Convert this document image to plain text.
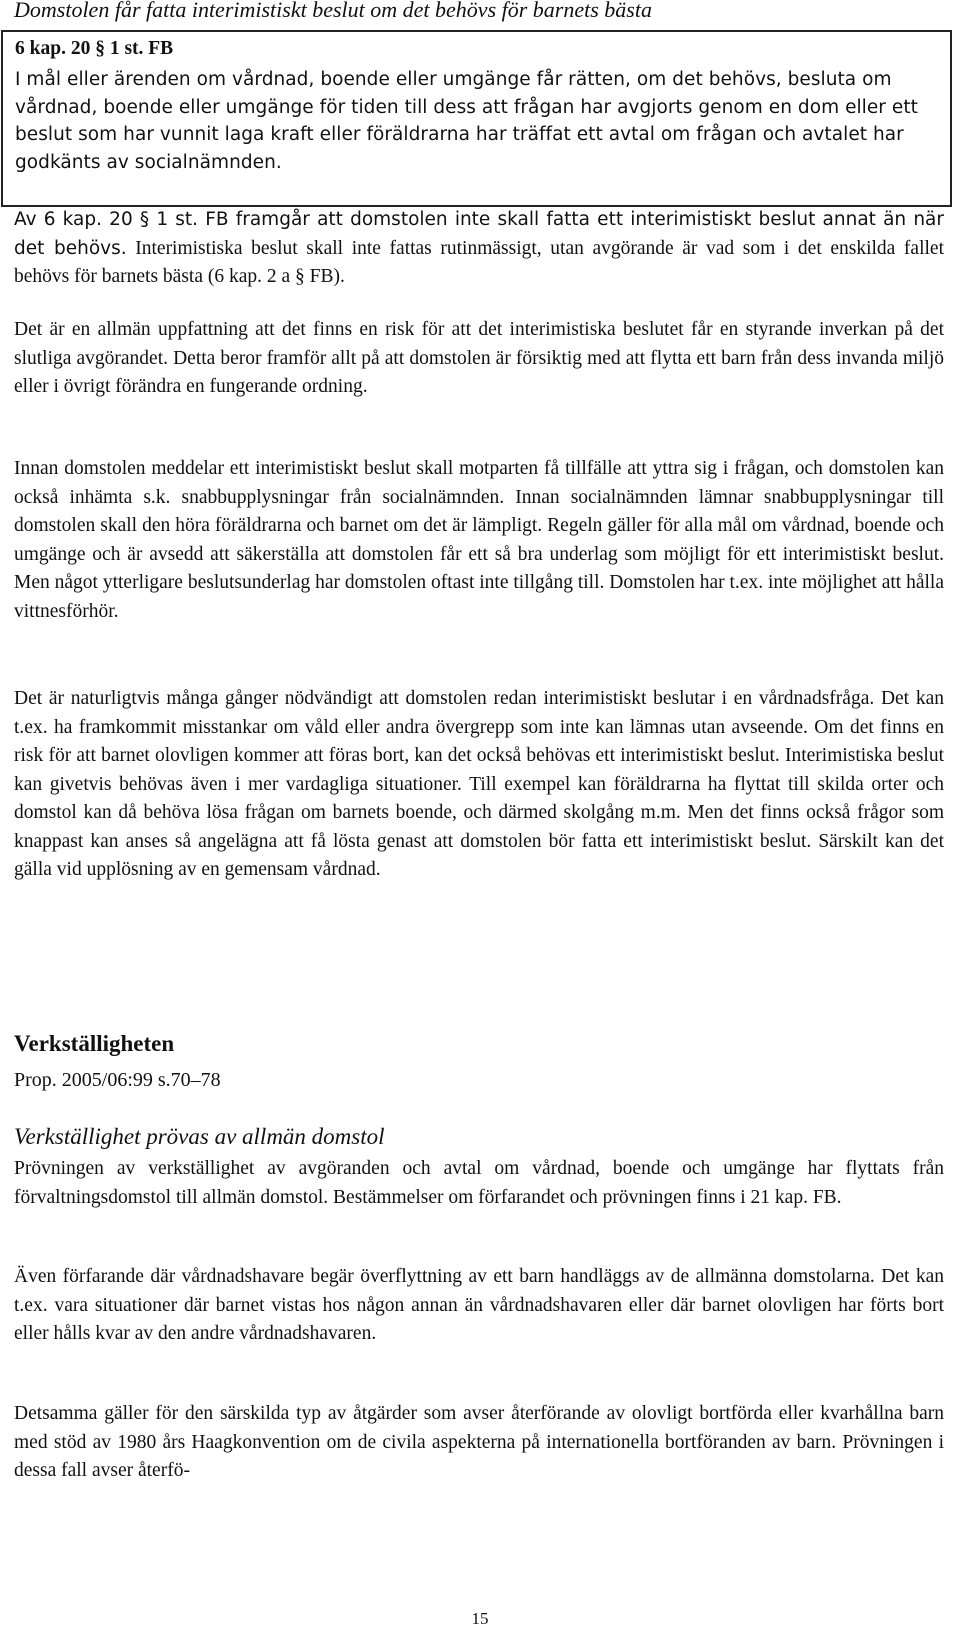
Domstolen får fatta interimistiskt beslut om det behövs för barnets bästa
6 kap. 20 § 1 st. FB
I mål eller ärenden om vårdnad, boende eller umgänge får rätten, om det behövs, besluta om vårdnad, boende eller umgänge för tiden till dess att frågan har avgjorts genom en dom eller ett beslut som har vunnit laga kraft eller föräldrarna har träffat ett avtal om frågan och avtalet har godkänts av socialnämnden.

Av 6 kap. 20 § 1 st. FB framgår att domstolen inte skall fatta ett interimistiskt beslut annat än när det behövs. Interimistiska beslut skall inte fattas rutinmässigt, utan avgörande är vad som i det enskilda fallet behövs för barnets bästa (6 kap. 2 a § FB).

Det är en allmän uppfattning att det finns en risk för att det interimistiska beslutet får en styrande inverkan på det slutliga avgörandet. Detta beror framför allt på att domstolen är försiktig med att flytta ett barn från dess invanda miljö eller i övrigt förändra en fungerande ordning.

Innan domstolen meddelar ett interimistiskt beslut skall motparten få tillfälle att yttra sig i frågan, och domstolen kan också inhämta s.k. snabbupplysningar från socialnämnden. Innan socialnämnden lämnar snabbupplysningar till domstolen skall den höra föräldrarna och barnet om det är lämpligt. Regeln gäller för alla mål om vårdnad, boende och umgänge och är avsedd att säkerställa att domstolen får ett så bra underlag som möjligt för ett interimistiskt beslut. Men något ytterligare beslutsunderlag har domstolen oftast inte tillgång till. Domstolen har t.ex. inte möjlighet att hålla vittnesförhör.

Det är naturligtvis många gånger nödvändigt att domstolen redan interimistiskt beslutar i en vårdnadsfråga. Det kan t.ex. ha framkommit misstankar om våld eller andra övergrepp som inte kan lämnas utan avseende. Om det finns en risk för att barnet olovligen kommer att föras bort, kan det också behövas ett interimistiskt beslut. Interimistiska beslut kan givetvis behövas även i mer vardagliga situationer. Till exempel kan föräldrarna ha flyttat till skilda orter och domstol kan då behöva lösa frågan om barnets boende, och därmed skolgång m.m. Men det finns också frågor som knappast kan anses så angelägna att få lösta genast att domstolen bör fatta ett interimistiskt beslut. Särskilt kan det gälla vid upplösning av en gemensam vårdnad.

Verkställigheten
Prop. 2005/06:99 s.70–78
Verkställighet prövas av allmän domstol

Prövningen av verkställighet av avgöranden och avtal om vårdnad, boende och umgänge har flyttats från förvaltningsdomstol till allmän domstol. Bestämmelser om förfarandet och prövningen finns i 21 kap. FB.

Även förfarande där vårdnadshavare begär överflyttning av ett barn handläggs av de allmänna domstolarna. Det kan t.ex. vara situationer där barnet vistas hos någon annan än vårdnadshavaren eller där barnet olovligen har förts bort eller hålls kvar av den andre vårdnadshavaren.

Detsamma gäller för den särskilda typ av åtgärder som avser återförande av olovligt bortförda eller kvarhållna barn med stöd av 1980 års Haagkonvention om de civila aspekterna på internationella bortföranden av barn. Prövningen i dessa fall avser återfö-

15
